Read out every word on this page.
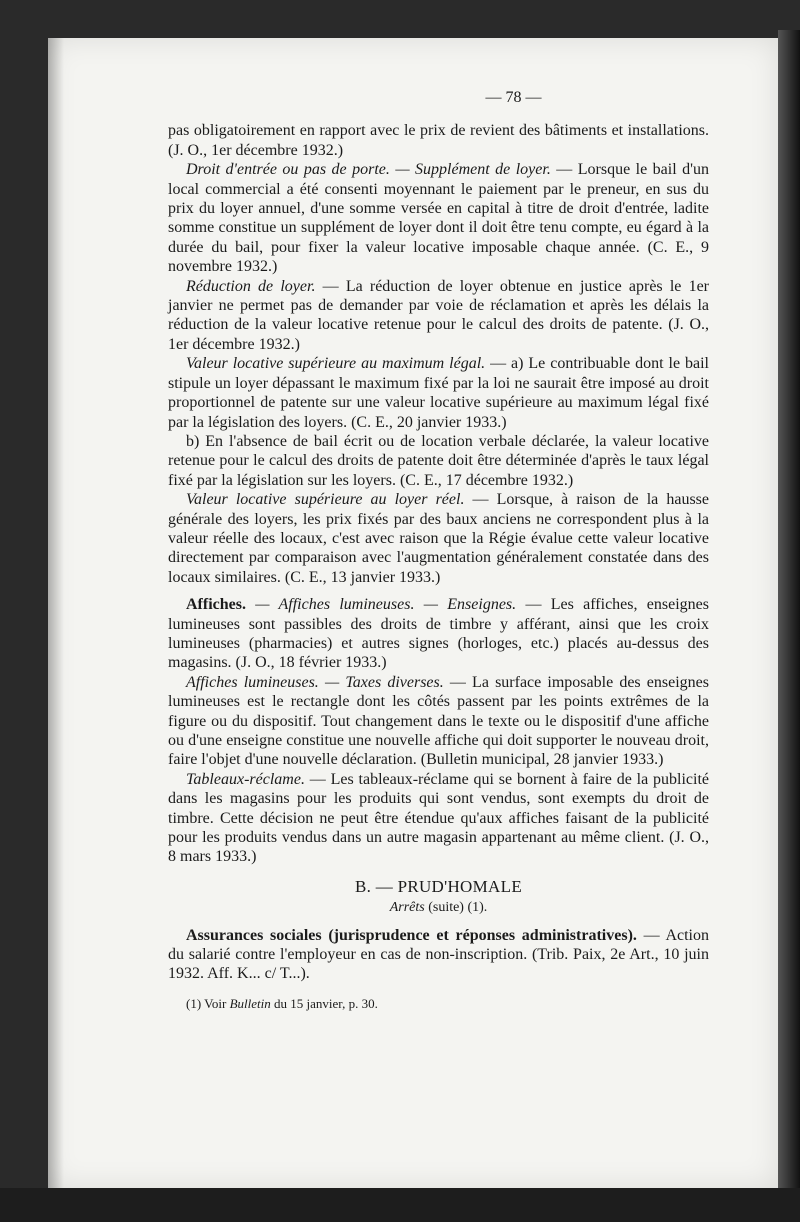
— 78 —

pas obligatoirement en rapport avec le prix de revient des bâtiments et installations. (J. O., 1er décembre 1932.)

Droit d'entrée ou pas de porte. — Supplément de loyer. — Lorsque le bail d'un local commercial a été consenti moyennant le paiement par le preneur, en sus du prix du loyer annuel, d'une somme versée en capital à titre de droit d'entrée, ladite somme constitue un supplément de loyer dont il doit être tenu compte, eu égard à la durée du bail, pour fixer la valeur locative imposable chaque année. (C. E., 9 novembre 1932.)

Réduction de loyer. — La réduction de loyer obtenue en justice après le 1er janvier ne permet pas de demander par voie de réclamation et après les délais la réduction de la valeur locative retenue pour le calcul des droits de patente. (J. O., 1er décembre 1932.)

Valeur locative supérieure au maximum légal. — a) Le contribuable dont le bail stipule un loyer dépassant le maximum fixé par la loi ne saurait être imposé au droit proportionnel de patente sur une valeur locative supérieure au maximum légal fixé par la législation des loyers. (C. E., 20 janvier 1933.)

b) En l'absence de bail écrit ou de location verbale déclarée, la valeur locative retenue pour le calcul des droits de patente doit être déterminée d'après le taux légal fixé par la législation sur les loyers. (C. E., 17 décembre 1932.)

Valeur locative supérieure au loyer réel. — Lorsque, à raison de la hausse générale des loyers, les prix fixés par des baux anciens ne correspondent plus à la valeur réelle des locaux, c'est avec raison que la Régie évalue cette valeur locative directement par comparaison avec l'augmentation généralement constatée dans des locaux similaires. (C. E., 13 janvier 1933.)

Affiches. — Affiches lumineuses. — Enseignes. — Les affiches, enseignes lumineuses sont passibles des droits de timbre y afférant, ainsi que les croix lumineuses (pharmacies) et autres signes (horloges, etc.) placés au-dessus des magasins. (J. O., 18 février 1933.)

Affiches lumineuses. — Taxes diverses. — La surface imposable des enseignes lumineuses est le rectangle dont les côtés passent par les points extrêmes de la figure ou du dispositif. Tout changement dans le texte ou le dispositif d'une affiche ou d'une enseigne constitue une nouvelle affiche qui doit supporter le nouveau droit, faire l'objet d'une nouvelle déclaration. (Bulletin municipal, 28 janvier 1933.)

Tableaux-réclame. — Les tableaux-réclame qui se bornent à faire de la publicité dans les magasins pour les produits qui sont vendus, sont exempts du droit de timbre. Cette décision ne peut être étendue qu'aux affiches faisant de la publicité pour les produits vendus dans un autre magasin appartenant au même client. (J. O., 8 mars 1933.)

B. — PRUD'HOMALE
Arrêts (suite) (1).

Assurances sociales (jurisprudence et réponses administratives). — Action du salarié contre l'employeur en cas de non-inscription. (Trib. Paix, 2e Art., 10 juin 1932. Aff. K... c/ T...).

(1) Voir Bulletin du 15 janvier, p. 30.
